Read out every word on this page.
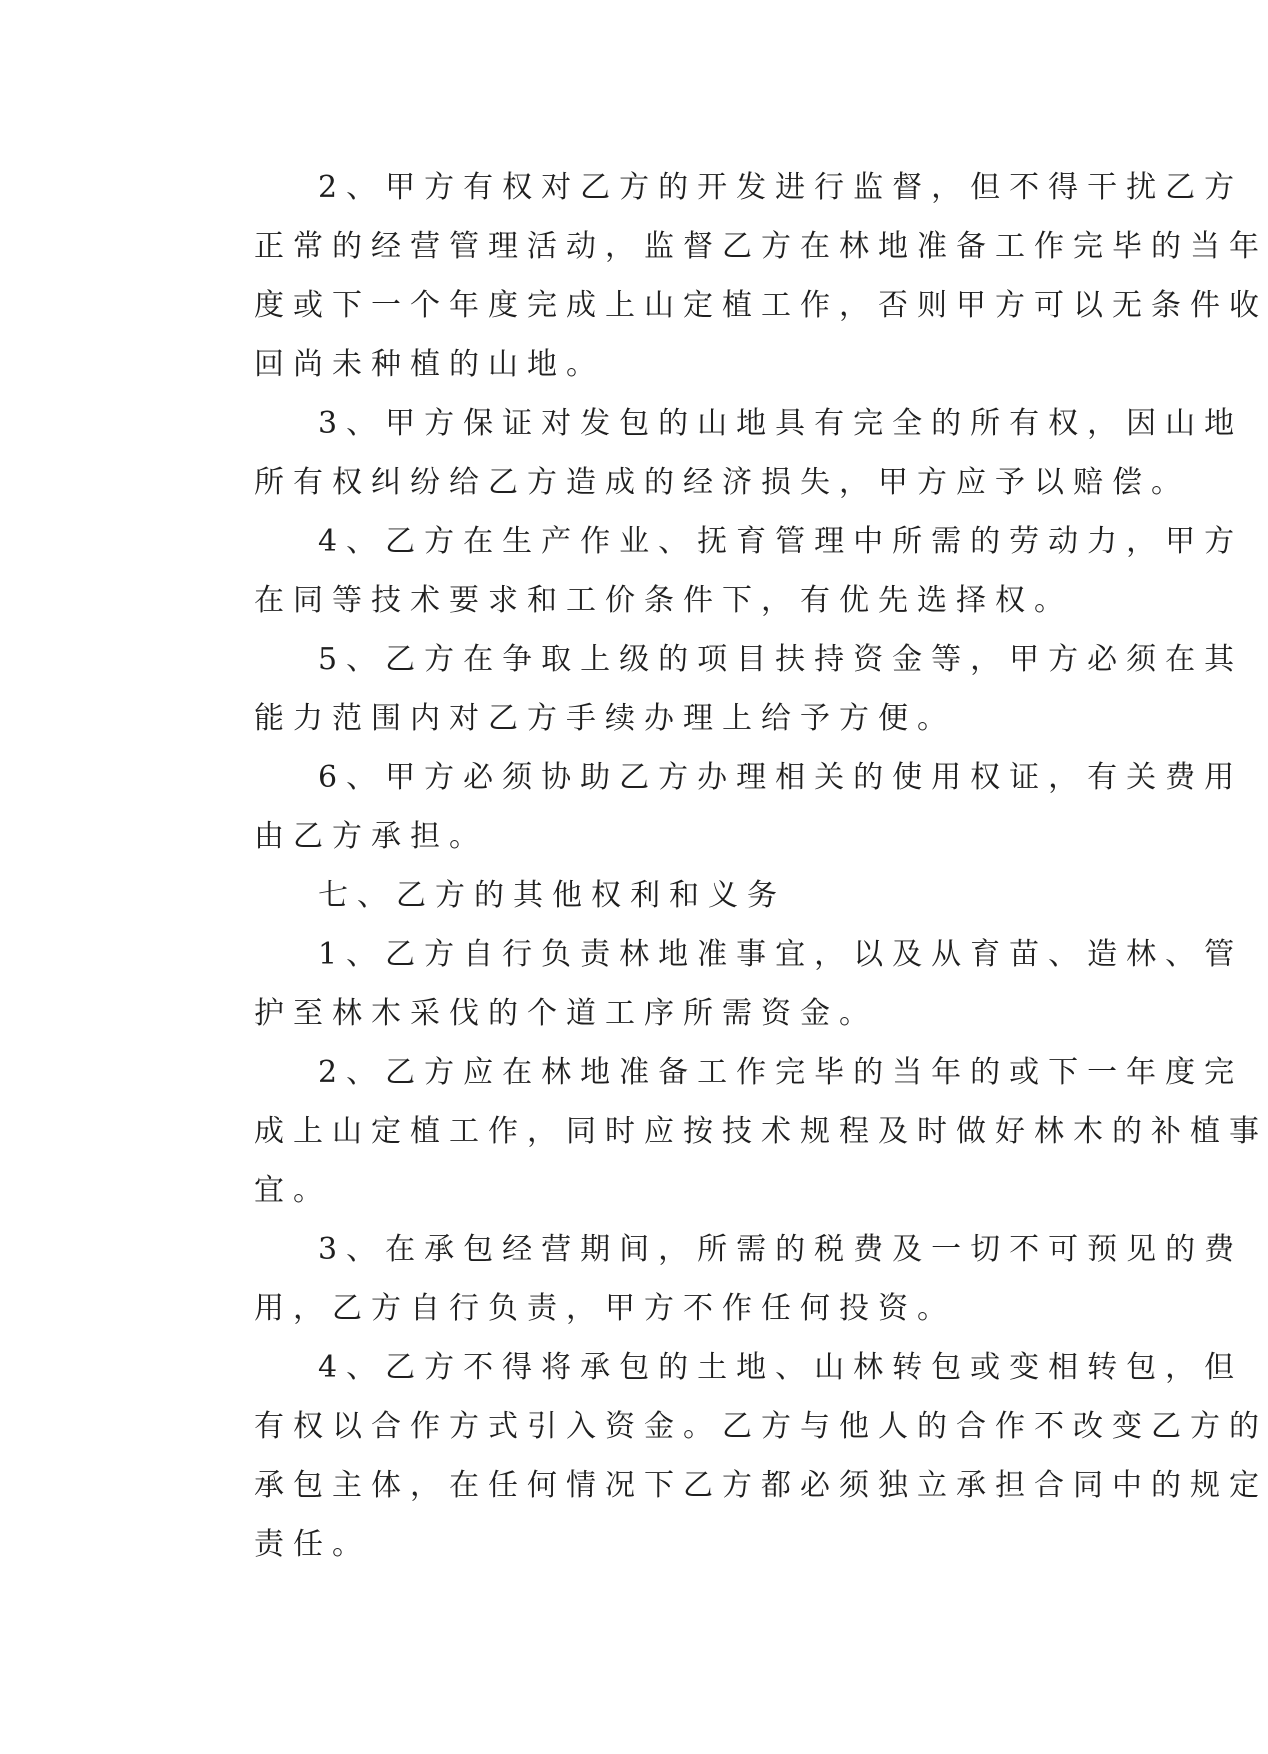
2、甲方有权对乙方的开发进行监督，但不得干扰乙方
正常的经营管理活动，监督乙方在林地准备工作完毕的当年
度或下一个年度完成上山定植工作，否则甲方可以无条件收
回尚未种植的山地。
3、甲方保证对发包的山地具有完全的所有权，因山地
所有权纠纷给乙方造成的经济损失，甲方应予以赔偿。
4、乙方在生产作业、抚育管理中所需的劳动力，甲方
在同等技术要求和工价条件下，有优先选择权。
5、乙方在争取上级的项目扶持资金等，甲方必须在其
能力范围内对乙方手续办理上给予方便。
6、甲方必须协助乙方办理相关的使用权证，有关费用
由乙方承担。
七、乙方的其他权利和义务
1、乙方自行负责林地准事宜，以及从育苗、造林、管
护至林木采伐的个道工序所需资金。
2、乙方应在林地准备工作完毕的当年的或下一年度完
成上山定植工作，同时应按技术规程及时做好林木的补植事
宜。
3、在承包经营期间，所需的税费及一切不可预见的费
用，乙方自行负责，甲方不作任何投资。
4、乙方不得将承包的土地、山林转包或变相转包，但
有权以合作方式引入资金。乙方与他人的合作不改变乙方的
承包主体，在任何情况下乙方都必须独立承担合同中的规定
责任。
